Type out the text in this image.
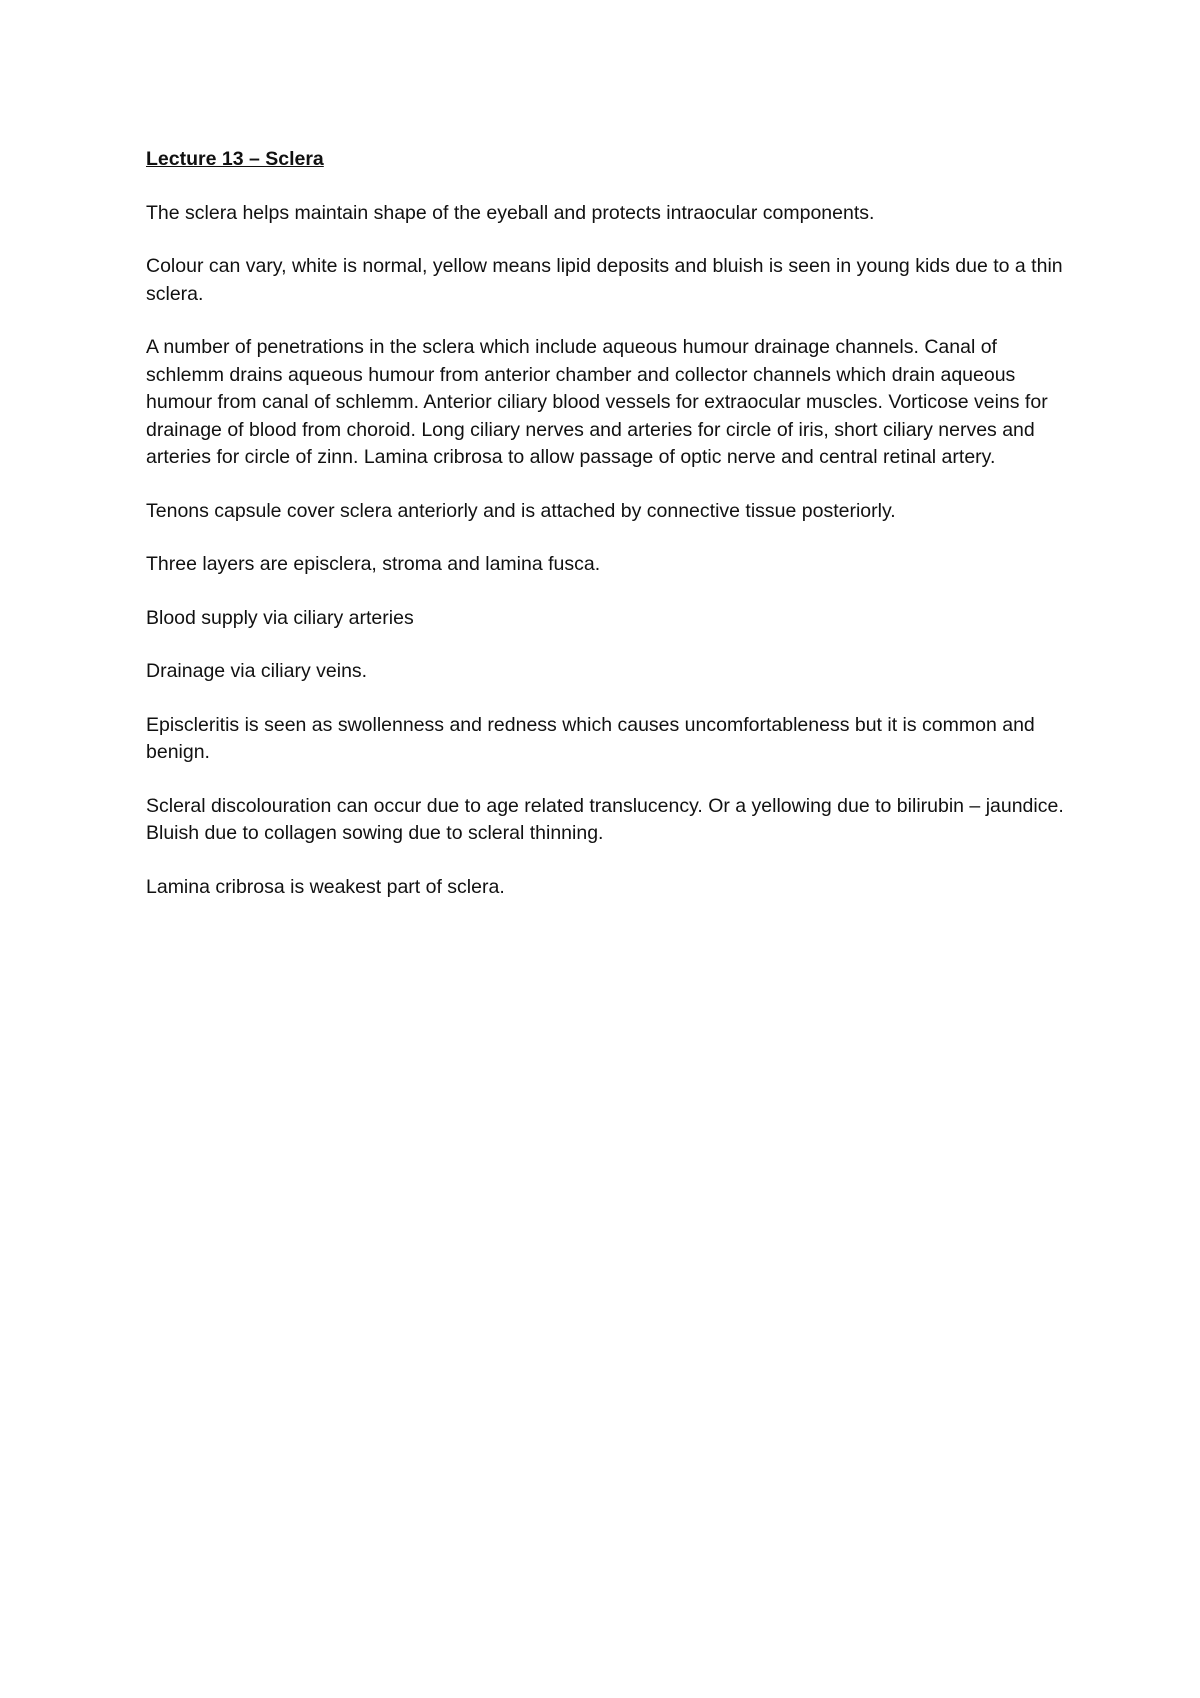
Lecture 13 – Sclera

The sclera helps maintain shape of the eyeball and protects intraocular components.

Colour can vary, white is normal, yellow means lipid deposits and bluish is seen in young kids due to a thin sclera.

A number of penetrations in the sclera which include aqueous humour drainage channels. Canal of schlemm drains aqueous humour from anterior chamber and collector channels which drain aqueous humour from canal of schlemm. Anterior ciliary blood vessels for extraocular muscles. Vorticose veins for drainage of blood from choroid. Long ciliary nerves and arteries for circle of iris, short ciliary nerves and arteries for circle of zinn. Lamina cribrosa to allow passage of optic nerve and central retinal artery.

Tenons capsule cover sclera anteriorly and is attached by connective tissue posteriorly.

Three layers are episclera, stroma and lamina fusca.

Blood supply via ciliary arteries

Drainage via ciliary veins.

Episcleritis is seen as swollenness and redness which causes uncomfortableness but it is common and benign.

Scleral discolouration can occur due to age related translucency. Or a yellowing due to bilirubin – jaundice. Bluish due to collagen sowing due to scleral thinning.

Lamina cribrosa is weakest part of sclera.
